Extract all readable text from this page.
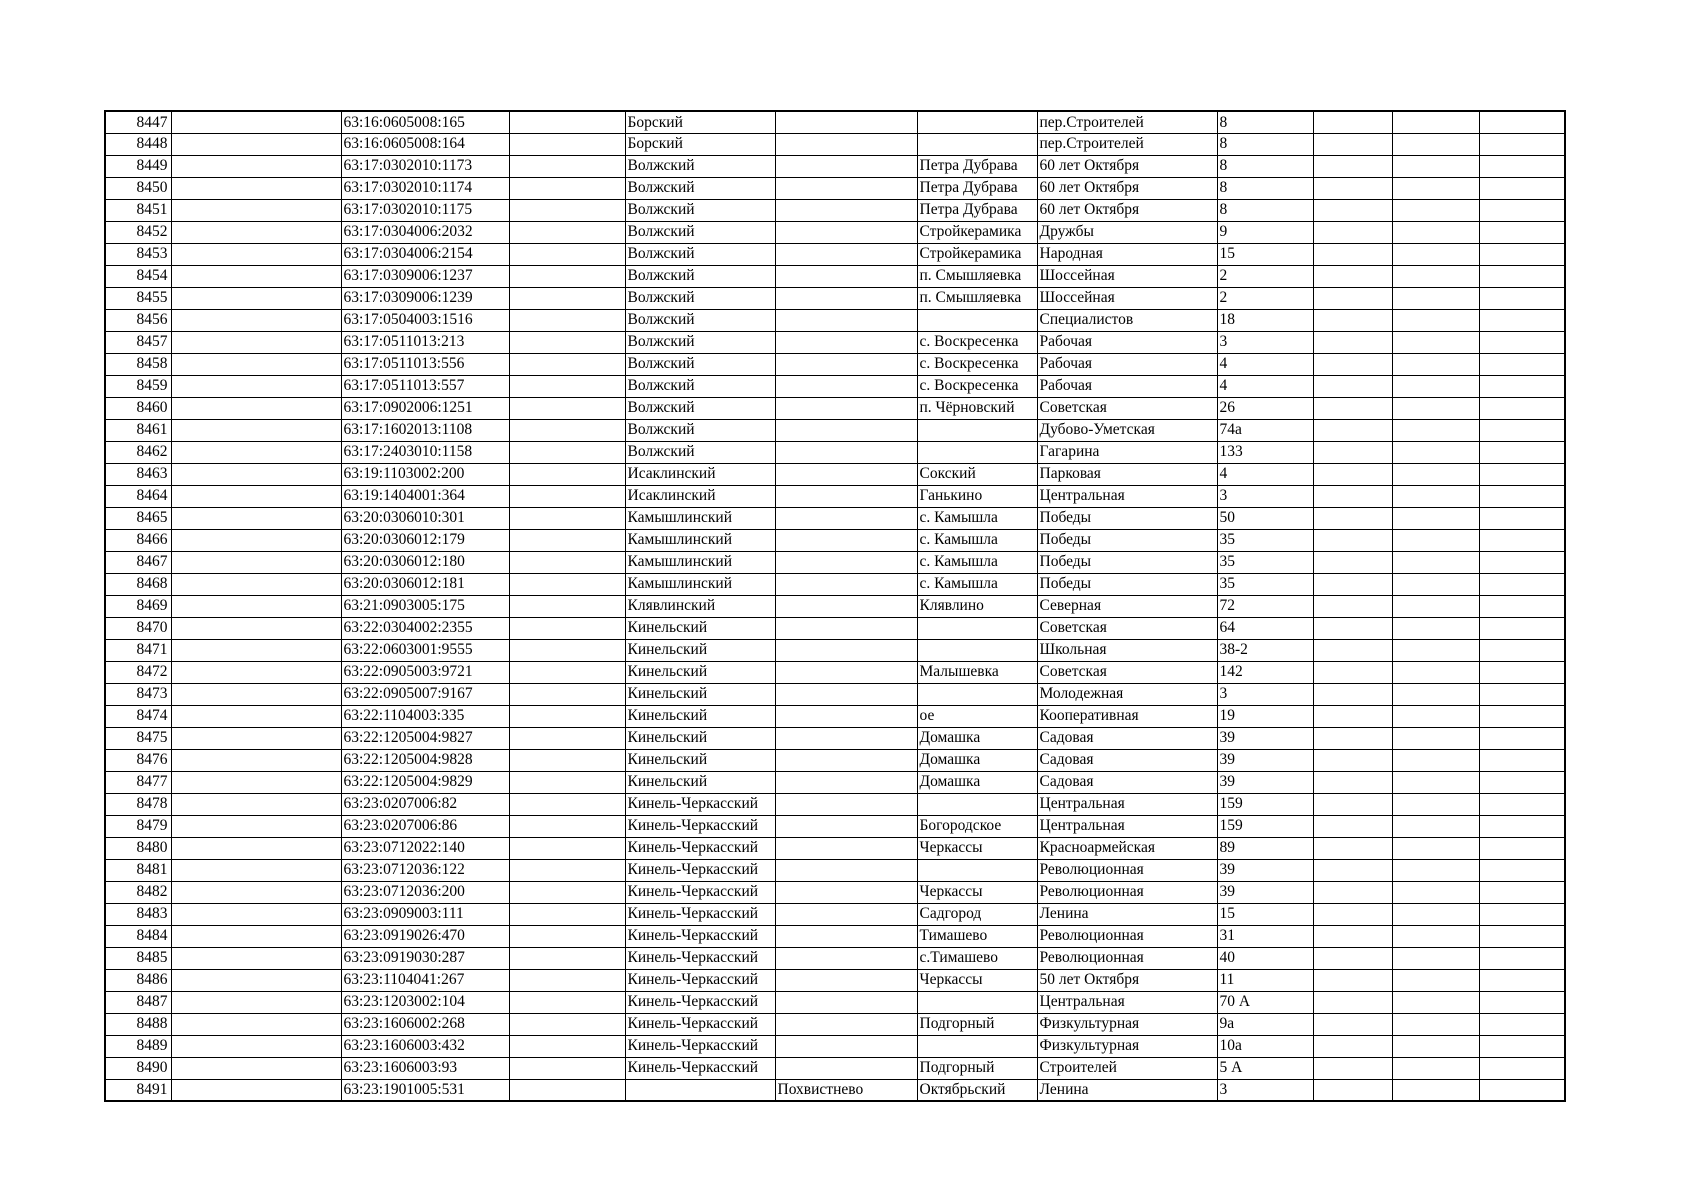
8447		63:16:0605008:165		Борский			пер.Строителей	8			
8448		63:16:0605008:164		Борский			пер.Строителей	8			
8449		63:17:0302010:1173		Волжский		Петра Дубрава	60 лет Октября	8			
8450		63:17:0302010:1174		Волжский		Петра Дубрава	60 лет Октября	8			
8451		63:17:0302010:1175		Волжский		Петра Дубрава	60 лет Октября	8			
8452		63:17:0304006:2032		Волжский		Стройкерамика	Дружбы	9			
8453		63:17:0304006:2154		Волжский		Стройкерамика	Народная	15			
8454		63:17:0309006:1237		Волжский		п. Смышляевка	Шоссейная	2			
8455		63:17:0309006:1239		Волжский		п. Смышляевка	Шоссейная	2			
8456		63:17:0504003:1516		Волжский			Специалистов	18			
8457		63:17:0511013:213		Волжский		с. Воскресенка	Рабочая	3			
8458		63:17:0511013:556		Волжский		с. Воскресенка	Рабочая	4			
8459		63:17:0511013:557		Волжский		с. Воскресенка	Рабочая	4			
8460		63:17:0902006:1251		Волжский		п. Чёрновский	Советская	26			
8461		63:17:1602013:1108		Волжский			Дубово-Уметская	74а			
8462		63:17:2403010:1158		Волжский			Гагарина	133			
8463		63:19:1103002:200		Исаклинский		Сокский	Парковая	4			
8464		63:19:1404001:364		Исаклинский		Ганькино	Центральная	3			
8465		63:20:0306010:301		Камышлинский		с. Камышла	Победы	50			
8466		63:20:0306012:179		Камышлинский		с. Камышла	Победы	35			
8467		63:20:0306012:180		Камышлинский		с. Камышла	Победы	35			
8468		63:20:0306012:181		Камышлинский		с. Камышла	Победы	35			
8469		63:21:0903005:175		Клявлинский		Клявлино	Северная	72			
8470		63:22:0304002:2355		Кинельский			Советская	64			
8471		63:22:0603001:9555		Кинельский			Школьная	38-2			
8472		63:22:0905003:9721		Кинельский		Малышевка	Советская	142			
8473		63:22:0905007:9167		Кинельский			Молодежная	3			
8474		63:22:1104003:335		Кинельский		ое	Кооперативная	19			
8475		63:22:1205004:9827		Кинельский		Домашка	Садовая	39			
8476		63:22:1205004:9828		Кинельский		Домашка	Садовая	39			
8477		63:22:1205004:9829		Кинельский		Домашка	Садовая	39			
8478		63:23:0207006:82		Кинель-Черкасский			Центральная	159			
8479		63:23:0207006:86		Кинель-Черкасский		Богородское	Центральная	159			
8480		63:23:0712022:140		Кинель-Черкасский		Черкассы	Красноармейская	89			
8481		63:23:0712036:122		Кинель-Черкасский			Революционная	39			
8482		63:23:0712036:200		Кинель-Черкасский		Черкассы	Революционная	39			
8483		63:23:0909003:111		Кинель-Черкасский		Садгород	Ленина	15			
8484		63:23:0919026:470		Кинель-Черкасский		Тимашево	Революционная	31			
8485		63:23:0919030:287		Кинель-Черкасский		с.Тимашево	Революционная	40			
8486		63:23:1104041:267		Кинель-Черкасский		Черкассы	50 лет Октября	11			
8487		63:23:1203002:104		Кинель-Черкасский			Центральная	70 А			
8488		63:23:1606002:268		Кинель-Черкасский		Подгорный	Физкультурная	9а			
8489		63:23:1606003:432		Кинель-Черкасский			Физкультурная	10а			
8490		63:23:1606003:93		Кинель-Черкасский		Подгорный	Строителей	5 А			
8491		63:23:1901005:531			Похвистнево	Октябрьский	Ленина	3			
